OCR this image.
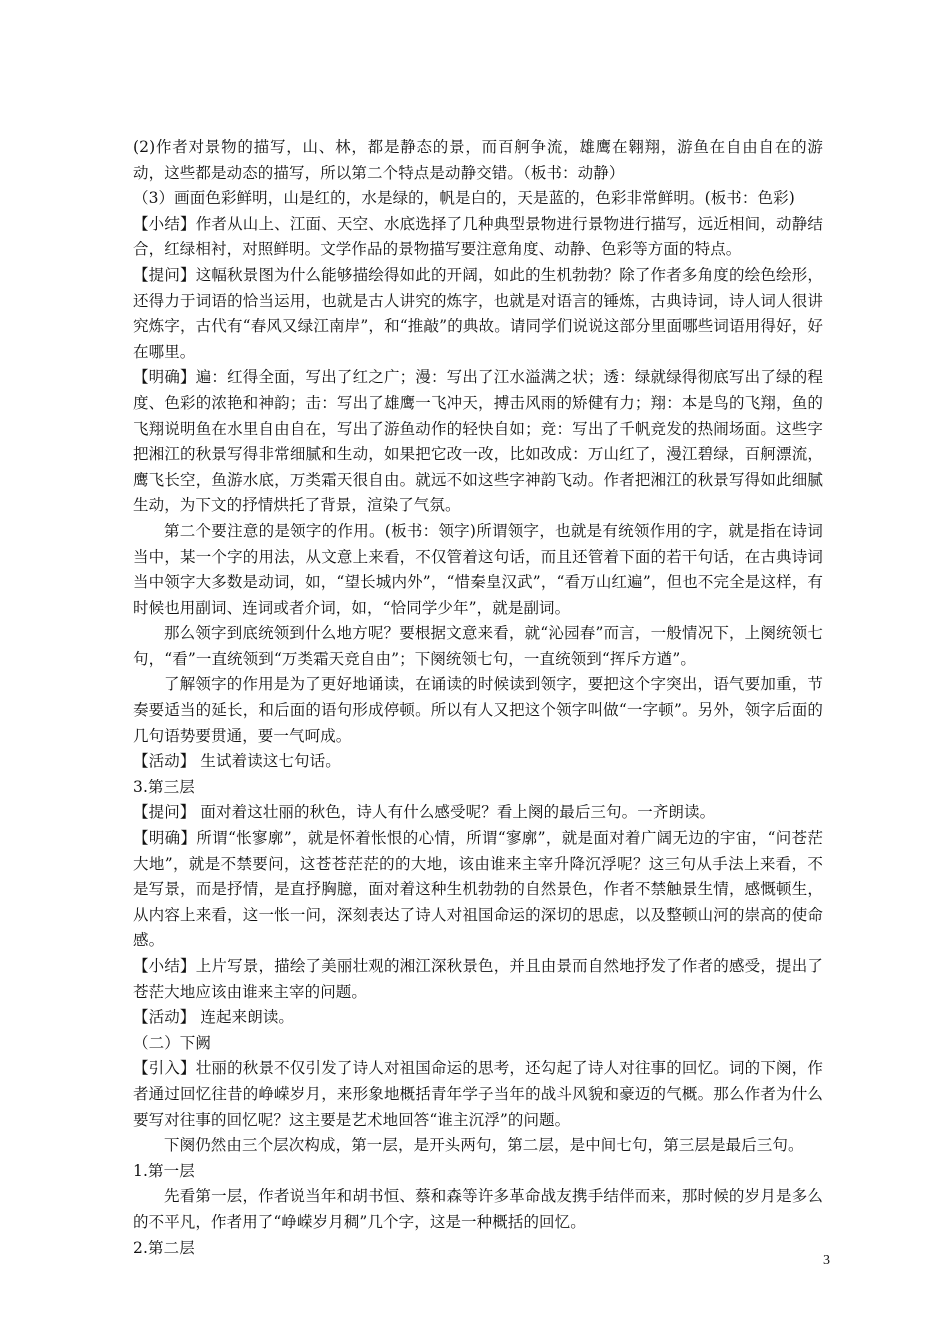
(2)作者对景物的描写，山、林，都是静态的景，而百舸争流，雄鹰在翱翔，游鱼在自由自在的游动，这些都是动态的描写，所以第二个特点是动静交错。（板书：动静）

（3）画面色彩鲜明，山是红的，水是绿的，帆是白的，天是蓝的，色彩非常鲜明。(板书：色彩)

【小结】作者从山上、江面、天空、水底选择了几种典型景物进行景物进行描写，远近相间，动静结合，红绿相衬，对照鲜明。文学作品的景物描写要注意角度、动静、色彩等方面的特点。

【提问】这幅秋景图为什么能够描绘得如此的开阔，如此的生机勃勃？除了作者多角度的绘色绘形，还得力于词语的恰当运用，也就是古人讲究的炼字，也就是对语言的锤炼，古典诗词，诗人词人很讲究炼字，古代有“春风又绿江南岸”，和“推敲”的典故。请同学们说说这部分里面哪些词语用得好，好在哪里。

【明确】遍：红得全面，写出了红之广；漫：写出了江水溢满之状；透：绿就绿得彻底写出了绿的程度、色彩的浓艳和神韵；击：写出了雄鹰一飞冲天，搏击风雨的矫健有力；翔：本是鸟的飞翔，鱼的飞翔说明鱼在水里自由自在，写出了游鱼动作的轻快自如；竞：写出了千帆竞发的热闹场面。这些字把湘江的秋景写得非常细腻和生动，如果把它改一改，比如改成：万山红了，漫江碧绿，百舸漂流，鹰飞长空，鱼游水底，万类霜天很自由。就远不如这些字神韵飞动。作者把湘江的秋景写得如此细腻生动，为下文的抒情烘托了背景，渲染了气氛。

第二个要注意的是领字的作用。(板书：领字)所谓领字，也就是有统领作用的字，就是指在诗词当中，某一个字的用法，从文意上来看，不仅管着这句话，而且还管着下面的若干句话，在古典诗词当中领字大多数是动词，如，“望长城内外”，“惜秦皇汉武”，“看万山红遍”，但也不完全是这样，有时候也用副词、连词或者介词，如，“恰同学少年”，就是副词。

那么领字到底统领到什么地方呢？要根据文意来看，就“沁园春”而言，一般情况下，上阕统领七句，“看”一直统领到“万类霜天竞自由”；下阕统领七句，一直统领到“挥斥方遒”。

了解领字的作用是为了更好地诵读，在诵读的时候读到领字，要把这个字突出，语气要加重，节奏要适当的延长，和后面的语句形成停顿。所以有人又把这个领字叫做“一字顿”。另外，领字后面的几句语势要贯通，要一气呵成。

【活动】 生试着读这七句话。

3.第三层

【提问】 面对着这壮丽的秋色，诗人有什么感受呢？看上阕的最后三句。一齐朗读。

【明确】所谓“怅寥廓”，就是怀着怅恨的心情，所谓“寥廓”，就是面对着广阔无边的宇宙，“问苍茫大地”，就是不禁要问，这苍苍茫茫的的大地，该由谁来主宰升降沉浮呢？这三句从手法上来看，不是写景，而是抒情，是直抒胸臆，面对着这种生机勃勃的自然景色，作者不禁触景生情，感慨顿生，从内容上来看，这一怅一问，深刻表达了诗人对祖国命运的深切的思虑，以及整顿山河的崇高的使命感。

【小结】上片写景，描绘了美丽壮观的湘江深秋景色，并且由景而自然地抒发了作者的感受，提出了苍茫大地应该由谁来主宰的问题。

【活动】 连起来朗读。

（二）下阙

【引入】壮丽的秋景不仅引发了诗人对祖国命运的思考，还勾起了诗人对往事的回忆。词的下阕，作者通过回忆往昔的峥嵘岁月，来形象地概括青年学子当年的战斗风貌和豪迈的气概。那么作者为什么要写对往事的回忆呢？这主要是艺术地回答“谁主沉浮”的问题。

下阕仍然由三个层次构成，第一层，是开头两句，第二层，是中间七句，第三层是最后三句。

1.第一层

先看第一层，作者说当年和胡书恒、蔡和森等许多革命战友携手结伴而来，那时候的岁月是多么的不平凡，作者用了“峥嵘岁月稠”几个字，这是一种概括的回忆。

2.第二层

3
